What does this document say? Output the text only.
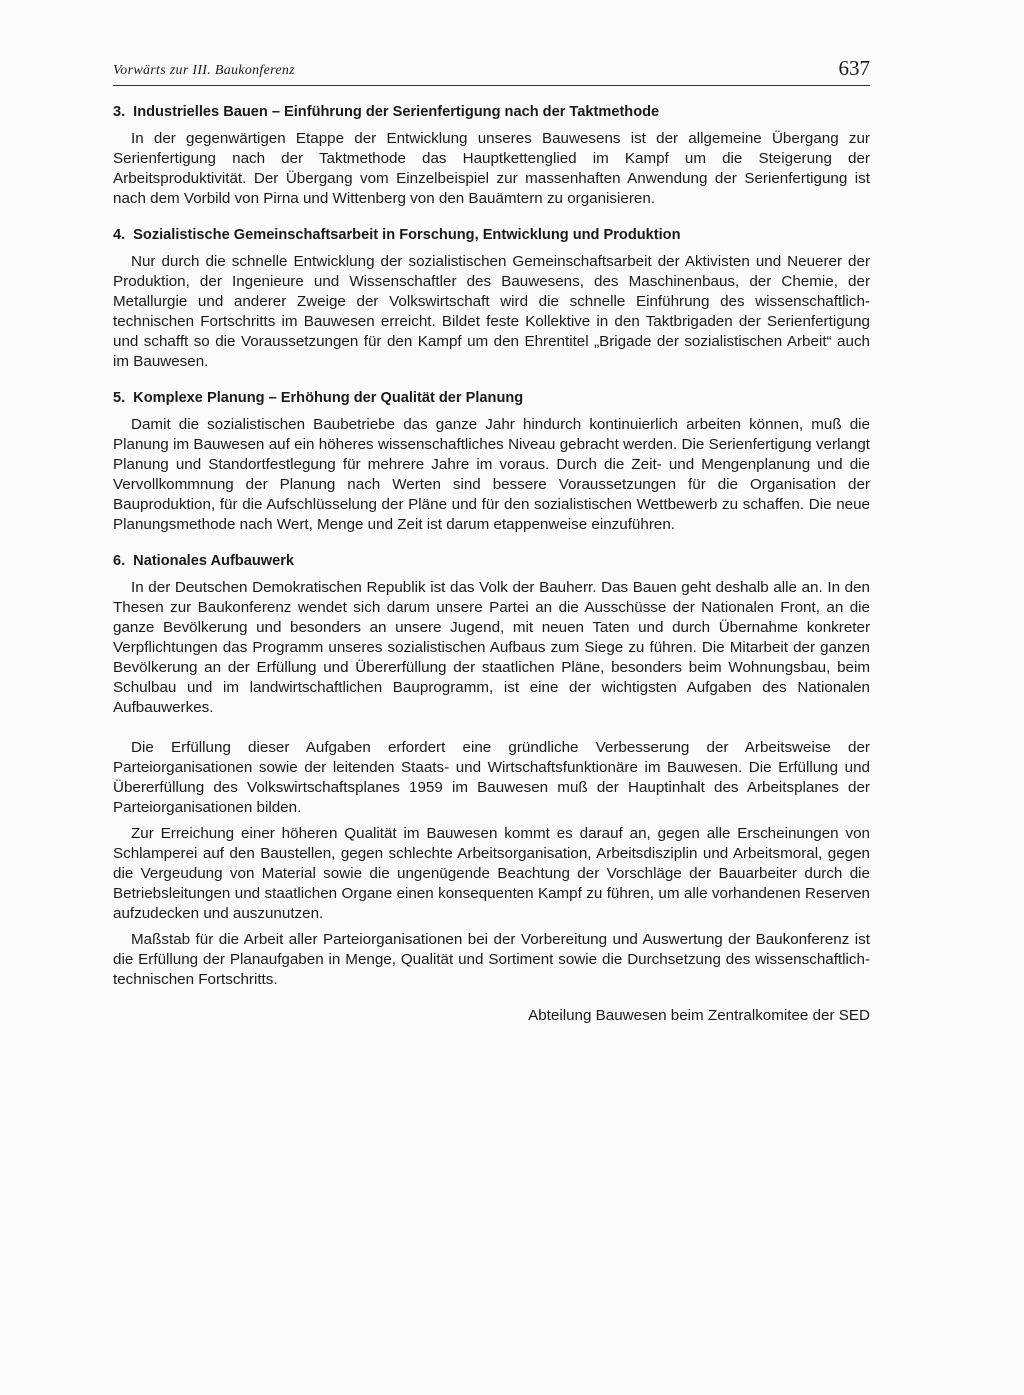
Vorwärts zur III. Baukonferenz	637
3. Industrielles Bauen – Einführung der Serienfertigung nach der Taktmethode

In der gegenwärtigen Etappe der Entwicklung unseres Bauwesens ist der allgemeine Übergang zur Serienfertigung nach der Taktmethode das Hauptkettenglied im Kampf um die Steigerung der Arbeitsproduktivität. Der Übergang vom Einzelbeispiel zur massenhaften Anwendung der Serienfertigung ist nach dem Vorbild von Pirna und Wittenberg von den Bauämtern zu organisieren.

4. Sozialistische Gemeinschaftsarbeit in Forschung, Entwicklung und Produktion

Nur durch die schnelle Entwicklung der sozialistischen Gemeinschaftsarbeit der Aktivisten und Neuerer der Produktion, der Ingenieure und Wissenschaftler des Bauwesens, des Maschinenbaus, der Chemie, der Metallurgie und anderer Zweige der Volkswirtschaft wird die schnelle Einführung des wissenschaftlich-technischen Fortschritts im Bauwesen erreicht. Bildet feste Kollektive in den Taktbrigaden der Serienfertigung und schafft so die Voraussetzungen für den Kampf um den Ehrentitel „Brigade der sozialistischen Arbeit“ auch im Bauwesen.

5. Komplexe Planung – Erhöhung der Qualität der Planung

Damit die sozialistischen Baubetriebe das ganze Jahr hindurch kontinuierlich arbeiten können, muß die Planung im Bauwesen auf ein höheres wissenschaftliches Niveau gebracht werden. Die Serienfertigung verlangt Planung und Standortfestlegung für mehrere Jahre im voraus. Durch die Zeit- und Mengenplanung und die Vervollkommnung der Planung nach Werten sind bessere Voraussetzungen für die Organisation der Bauproduktion, für die Aufschlüsselung der Pläne und für den sozialistischen Wettbewerb zu schaffen. Die neue Planungsmethode nach Wert, Menge und Zeit ist darum etappenweise einzuführen.

6. Nationales Aufbauwerk

In der Deutschen Demokratischen Republik ist das Volk der Bauherr. Das Bauen geht deshalb alle an. In den Thesen zur Baukonferenz wendet sich darum unsere Partei an die Ausschüsse der Nationalen Front, an die ganze Bevölkerung und besonders an unsere Jugend, mit neuen Taten und durch Übernahme konkreter Verpflichtungen das Programm unseres sozialistischen Aufbaus zum Siege zu führen. Die Mitarbeit der ganzen Bevölkerung an der Erfüllung und Übererfüllung der staatlichen Pläne, besonders beim Wohnungsbau, beim Schulbau und im landwirtschaftlichen Bauprogramm, ist eine der wichtigsten Aufgaben des Nationalen Aufbauwerkes.

Die Erfüllung dieser Aufgaben erfordert eine gründliche Verbesserung der Arbeitsweise der Parteiorganisationen sowie der leitenden Staats- und Wirtschaftsfunktionäre im Bauwesen. Die Erfüllung und Übererfüllung des Volkswirtschaftsplanes 1959 im Bauwesen muß der Hauptinhalt des Arbeitsplanes der Parteiorganisationen bilden.

Zur Erreichung einer höheren Qualität im Bauwesen kommt es darauf an, gegen alle Erscheinungen von Schlamperei auf den Baustellen, gegen schlechte Arbeitsorganisation, Arbeitsdisziplin und Arbeitsmoral, gegen die Vergeudung von Material sowie die ungenügende Beachtung der Vorschläge der Bauarbeiter durch die Betriebsleitungen und staatlichen Organe einen konsequenten Kampf zu führen, um alle vorhandenen Reserven aufzudecken und auszunutzen.

Maßstab für die Arbeit aller Parteiorganisationen bei der Vorbereitung und Auswertung der Baukonferenz ist die Erfüllung der Planaufgaben in Menge, Qualität und Sortiment sowie die Durchsetzung des wissenschaftlich-technischen Fortschritts.

Abteilung Bauwesen beim Zentralkomitee der SED
